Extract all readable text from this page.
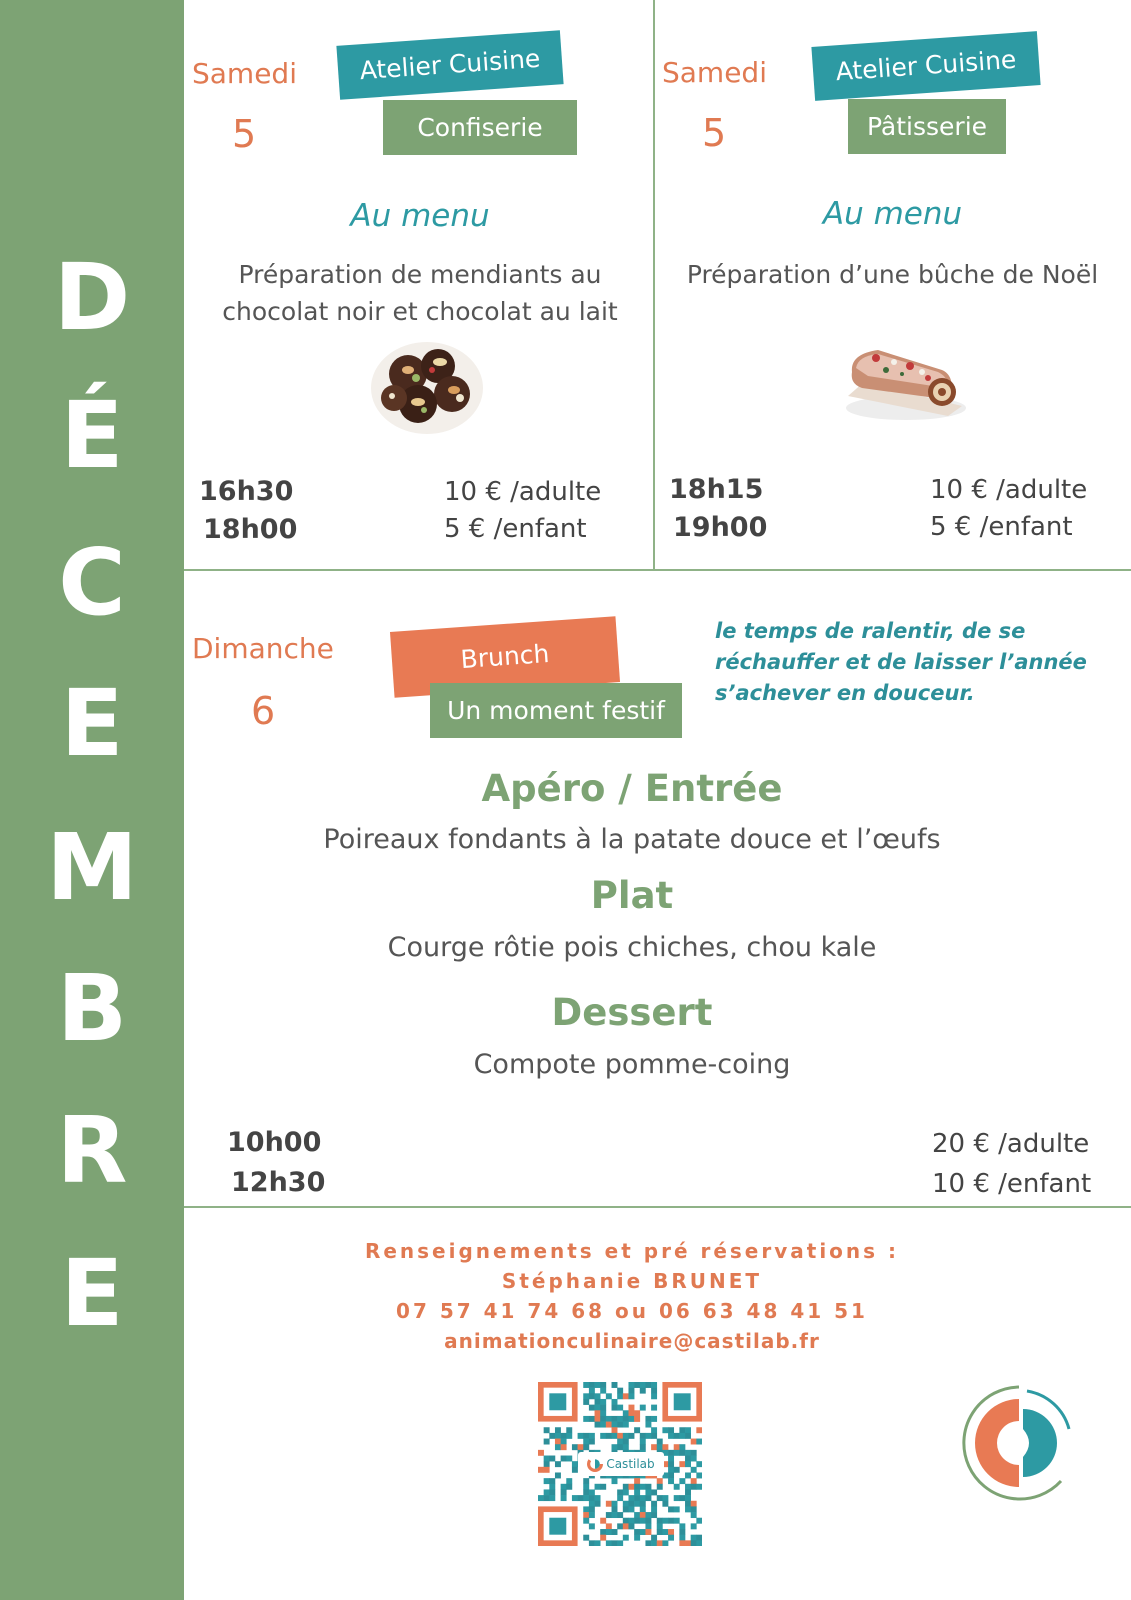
D
É
C
E
M
B
R
E
Samedi
5
Atelier Cuisine
Confiserie
Au menu
Préparation de mendiants au
chocolat noir et chocolat au lait
16h30
18h00
10 € /adulte
5 € /enfant
Samedi
5
Atelier Cuisine
Pâtisserie
Au menu
Préparation d’une bûche de Noël
18h15
19h00
10 € /adulte
5 € /enfant
Dimanche
6
Brunch
Un moment festif
le temps de ralentir, de se
réchauffer et de laisser l’année
s’achever en douceur.
Apéro / Entrée
Poireaux fondants à la patate douce et l’œufs
Plat
Courge rôtie pois chiches, chou kale
Dessert
Compote pomme-coing
10h00
12h30
20 € /adulte
10 € /enfant
Renseignements et pré réservations :
Stéphanie BRUNET
07 57 41 74 68 ou 06 63 48 41 51
animationculinaire@castilab.fr
Castilab
